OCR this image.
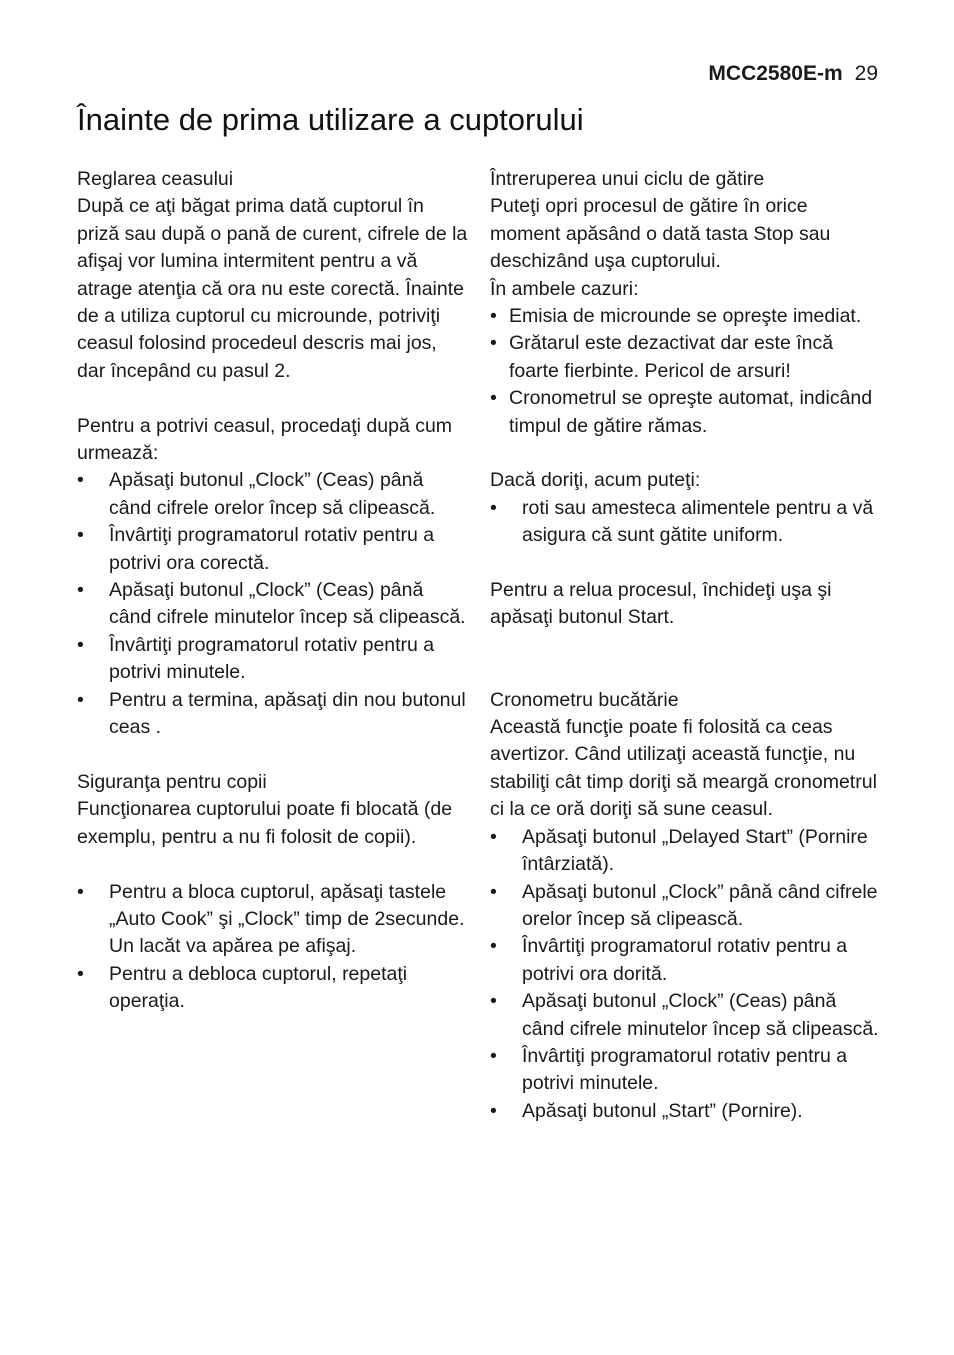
MCC2580E-m 29
Înainte de prima utilizare a cuptorului
Reglarea ceasului

După ce aţi băgat prima dată cuptorul în priză sau după o pană de curent, cifrele de la afişaj vor lumina intermitent pentru a vă atrage atenţia că ora nu este corectă. Înainte de a utiliza cuptorul cu microunde, potriviţi ceasul folosind procedeul descris mai jos, dar începând cu pasul 2.

Pentru a potrivi ceasul, procedaţi după cum urmează:

• Apăsaţi butonul „Clock” (Ceas) până când cifrele orelor încep să clipească.
• Învârtiţi programatorul rotativ pentru a potrivi ora corectă.
• Apăsaţi butonul „Clock” (Ceas) până când cifrele minutelor încep să clipească.
• Învârtiţi programatorul rotativ pentru a potrivi minutele.
• Pentru a termina, apăsaţi din nou butonul ceas .
Siguranţa pentru copii

Funcţionarea cuptorului poate fi blocată (de exemplu, pentru a nu fi folosit de copii).

• Pentru a bloca cuptorul, apăsaţi tastele „Auto Cook” şi „Clock” timp de 2secunde. Un lacăt va apărea pe afişaj.
• Pentru a debloca cuptorul, repetaţi operaţia.
Întreruperea unui ciclu de gătire

Puteţi opri procesul de gătire în orice moment apăsând o dată tasta Stop sau deschizând uşa cuptorului.

În ambele cazuri:

• Emisia de microunde se opreşte imediat.
• Grătarul este dezactivat dar este încă foarte fierbinte. Pericol de arsuri!
• Cronometrul se opreşte automat, indicând timpul de gătire rămas.

Dacă doriţi, acum puteţi:

• roti sau amesteca alimentele pentru a vă asigura că sunt gătite uniform.

Pentru a relua procesul, închideţi uşa şi apăsaţi butonul Start.

Cronometru bucătărie

Această funcţie poate fi folosită ca ceas avertizor. Când utilizaţi această funcţie, nu stabiliţi cât timp doriţi să meargă cronometrul ci la ce oră doriţi să sune ceasul.

• Apăsaţi butonul „Delayed Start” (Pornire întârziată).
• Apăsaţi butonul „Clock” până când cifrele orelor încep să clipească.
• Învârtiţi programatorul rotativ pentru a potrivi ora dorită.
• Apăsaţi butonul „Clock” (Ceas) până când cifrele minutelor încep să clipească.
• Învârtiţi programatorul rotativ pentru a potrivi minutele.
• Apăsaţi butonul „Start” (Pornire).
